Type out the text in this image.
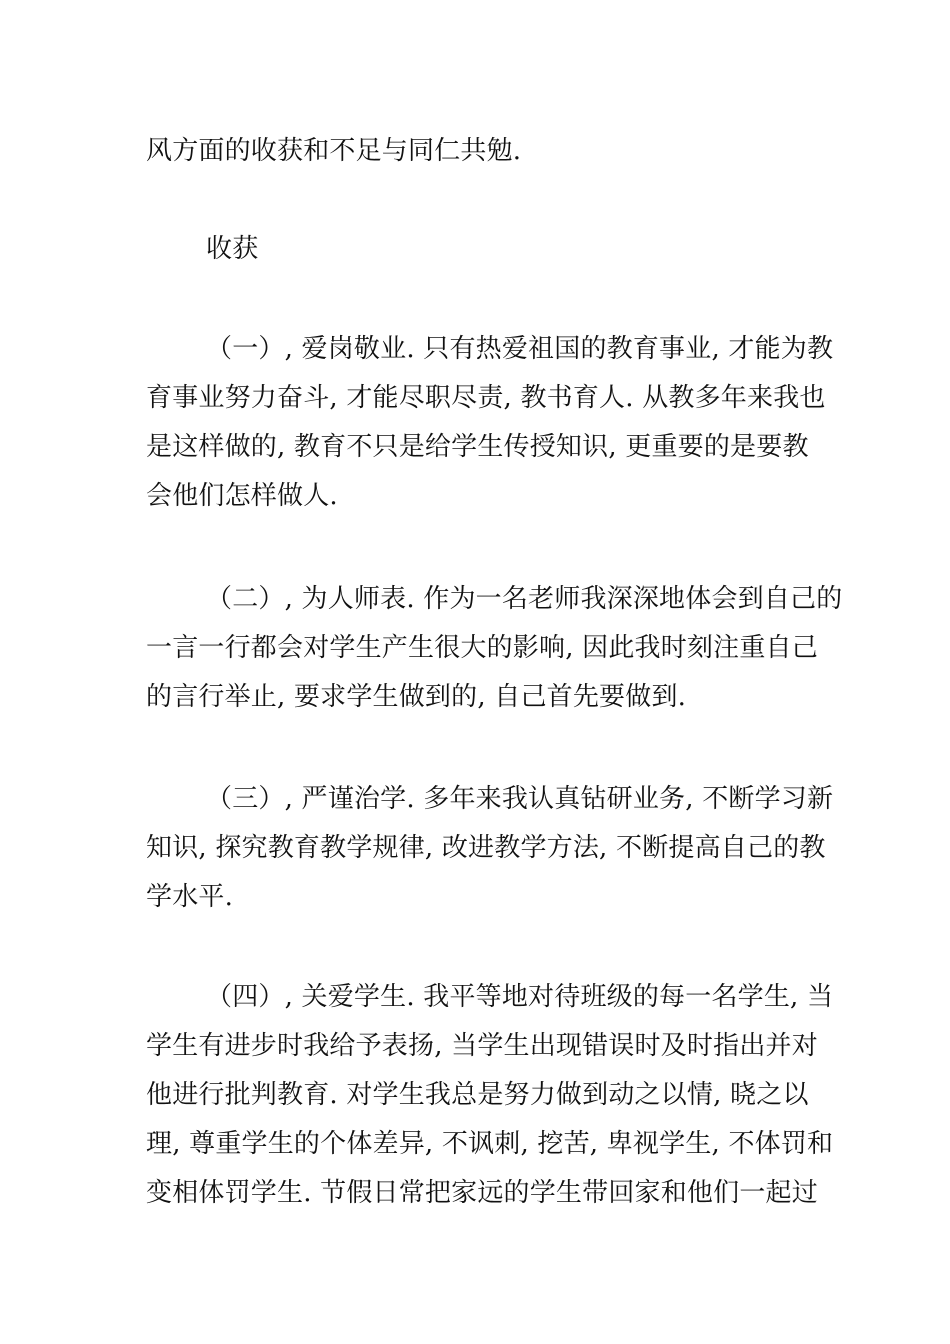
风方面的收获和不足与同仁共勉.

收获

（一）, 爱岗敬业. 只有热爱祖国的教育事业, 才能为教
育事业努力奋斗, 才能尽职尽责, 教书育人. 从教多年来我也
是这样做的, 教育不只是给学生传授知识, 更重要的是要教
会他们怎样做人.

（二）, 为人师表. 作为一名老师我深深地体会到自己的
一言一行都会对学生产生很大的影响, 因此我时刻注重自己
的言行举止, 要求学生做到的, 自己首先要做到.

（三）, 严谨治学. 多年来我认真钻研业务, 不断学习新
知识, 探究教育教学规律, 改进教学方法, 不断提高自己的教
学水平.

（四）, 关爱学生. 我平等地对待班级的每一名学生, 当
学生有进步时我给予表扬, 当学生出现错误时及时指出并对
他进行批判教育. 对学生我总是努力做到动之以情, 晓之以
理, 尊重学生的个体差异, 不讽刺, 挖苦, 卑视学生, 不体罚和
变相体罚学生. 节假日常把家远的学生带回家和他们一起过
